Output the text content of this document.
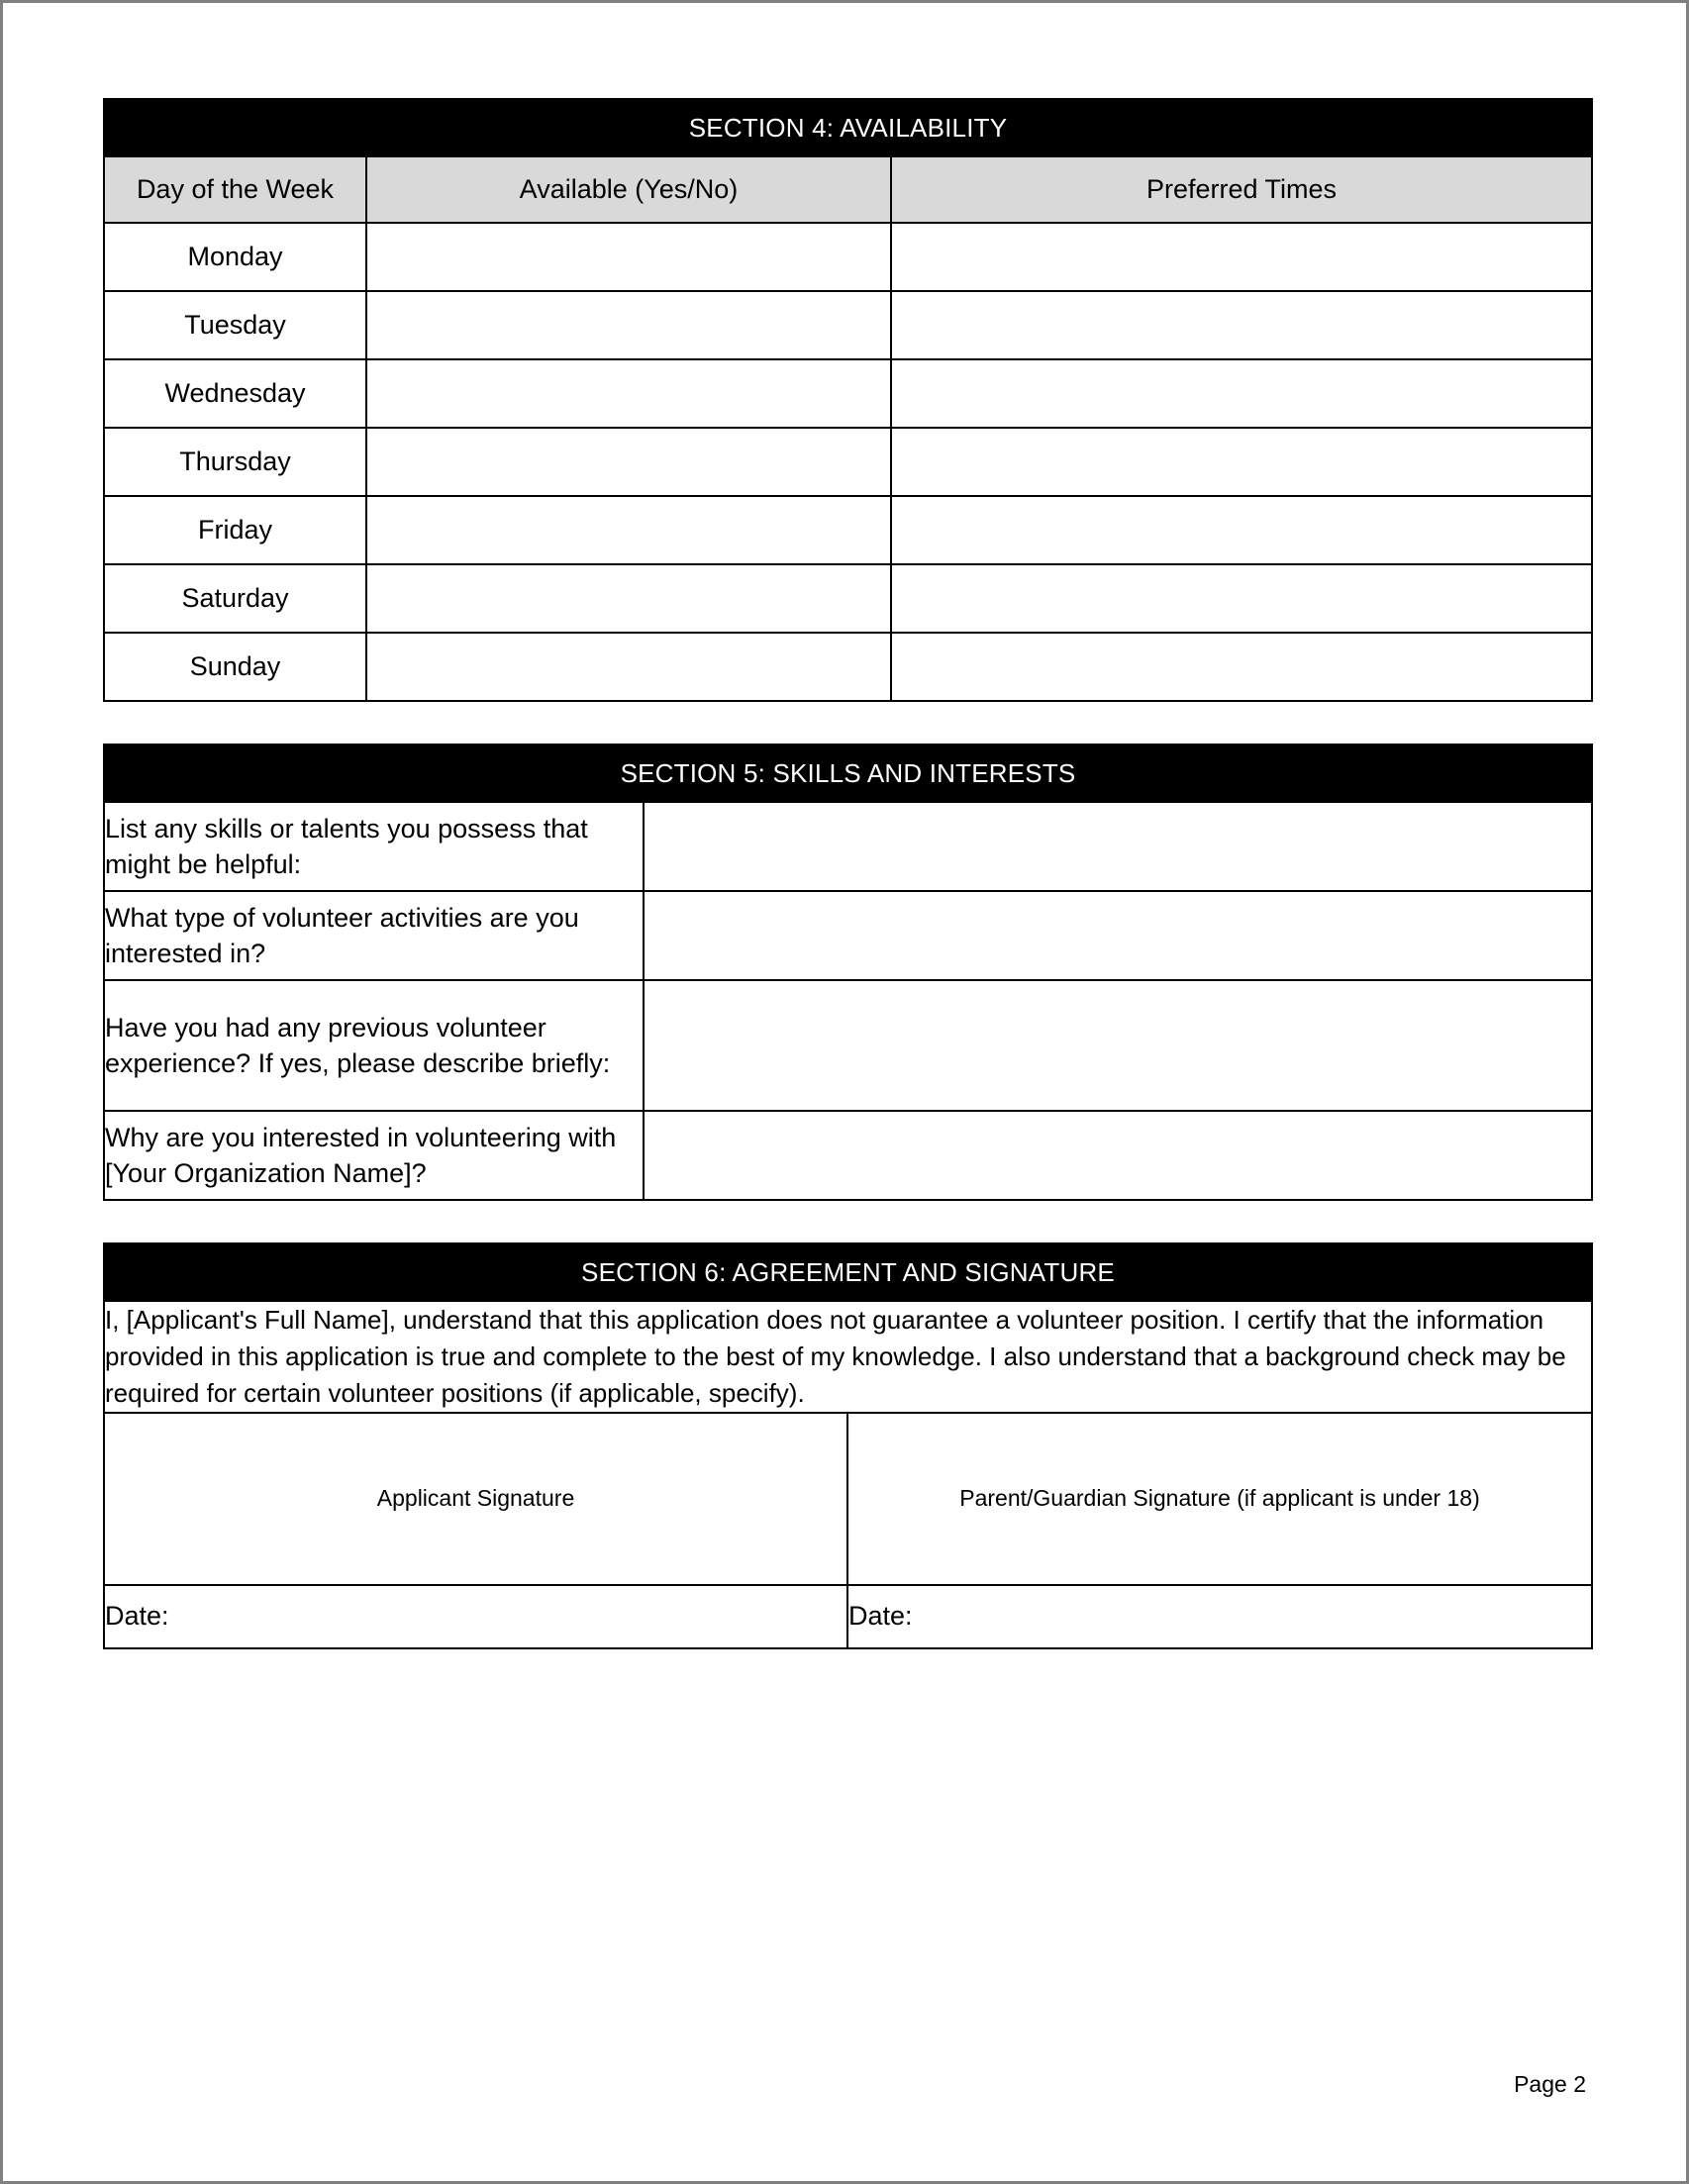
SECTION 4: AVAILABILITY		
Day of the Week	Available (Yes/No)	Preferred Times
Monday		
Tuesday		
Wednesday		
Thursday		
Friday		
Saturday		
Sunday		
SECTION 5: SKILLS AND INTERESTS	
List any skills or talents you possess that might be helpful:	
What type of volunteer activities are you interested in?	
Have you had any previous volunteer experience? If yes, please describe briefly:	
Why are you interested in volunteering with [Your Organization Name]?	
SECTION 6: AGREEMENT AND SIGNATURE	
I, [Applicant's Full Name], understand that this application does not guarantee a volunteer position. I certify that the information provided in this application is true and complete to the best of my knowledge. I also understand that a background check may be required for certain volunteer positions (if applicable, specify).	
Applicant Signature	Parent/Guardian Signature (if applicant is under 18)
Date:	Date:
Page 2
